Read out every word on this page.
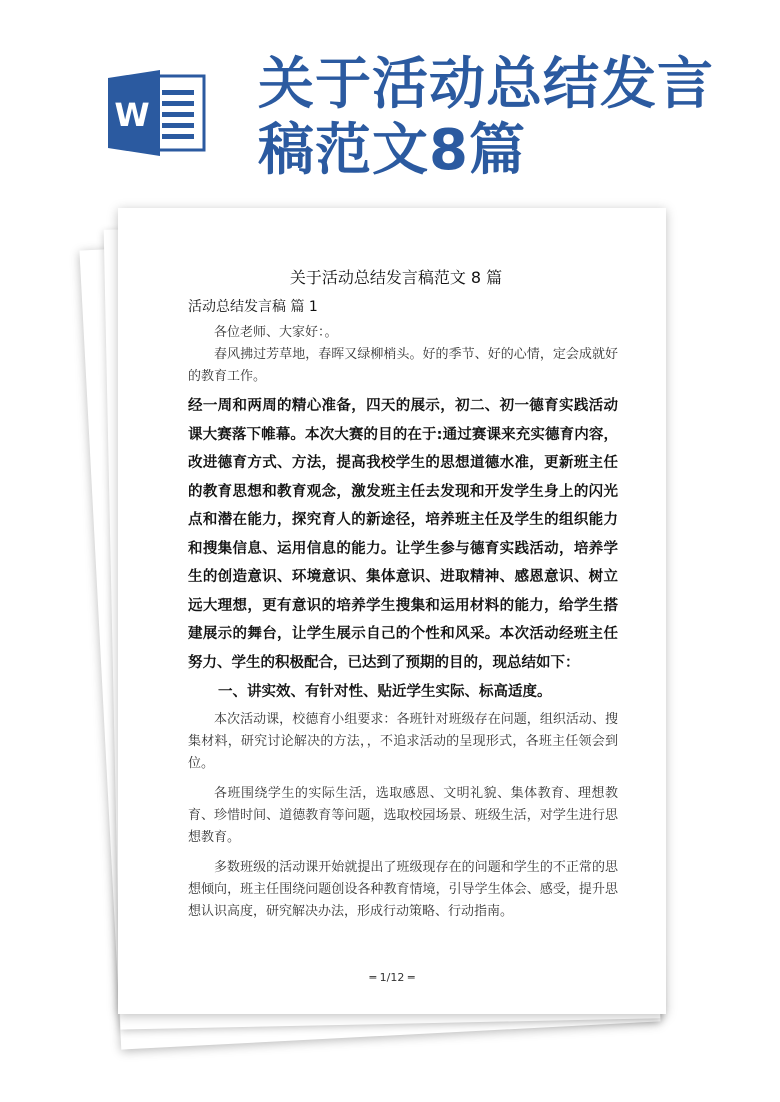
W 关于活动总结发言
稿范文8篇
关于活动总结发言稿范文 8 篇
活动总结发言稿 篇 1

各位老师、大家好：。

春风拂过芳草地，春晖又绿柳梢头。好的季节、好的心情，定会成就好的教育工作。

经一周和两周的精心准备，四天的展示，初二、初一德育实践活动课大赛落下帷幕。本次大赛的目的在于:通过赛课来充实德育内容，改进德育方式、方法，提高我校学生的思想道德水准，更新班主任的教育思想和教育观念，激发班主任去发现和开发学生身上的闪光点和潜在能力，探究育人的新途径，培养班主任及学生的组织能力和搜集信息、运用信息的能力。让学生参与德育实践活动，培养学生的创造意识、环境意识、集体意识、进取精神、感恩意识、树立远大理想，更有意识的培养学生搜集和运用材料的能力，给学生搭建展示的舞台，让学生展示自己的个性和风采。本次活动经班主任努力、学生的积极配合，已达到了预期的目的，现总结如下：

一、讲实效、有针对性、贴近学生实际、标高适度。

本次活动课，校德育小组要求：各班针对班级存在问题，组织活动、搜集材料，研究讨论解决的方法，，不追求活动的呈现形式，各班主任领会到位。

各班围绕学生的实际生活，选取感恩、文明礼貌、集体教育、理想教育、珍惜时间、道德教育等问题，选取校园场景、班级生活，对学生进行思想教育。

多数班级的活动课开始就提出了班级现存在的问题和学生的不正常的思想倾向，班主任围绕问题创设各种教育情境，引导学生体会、感受，提升思想认识高度，研究解决办法，形成行动策略、行动指南。

═ 1/12 ═
